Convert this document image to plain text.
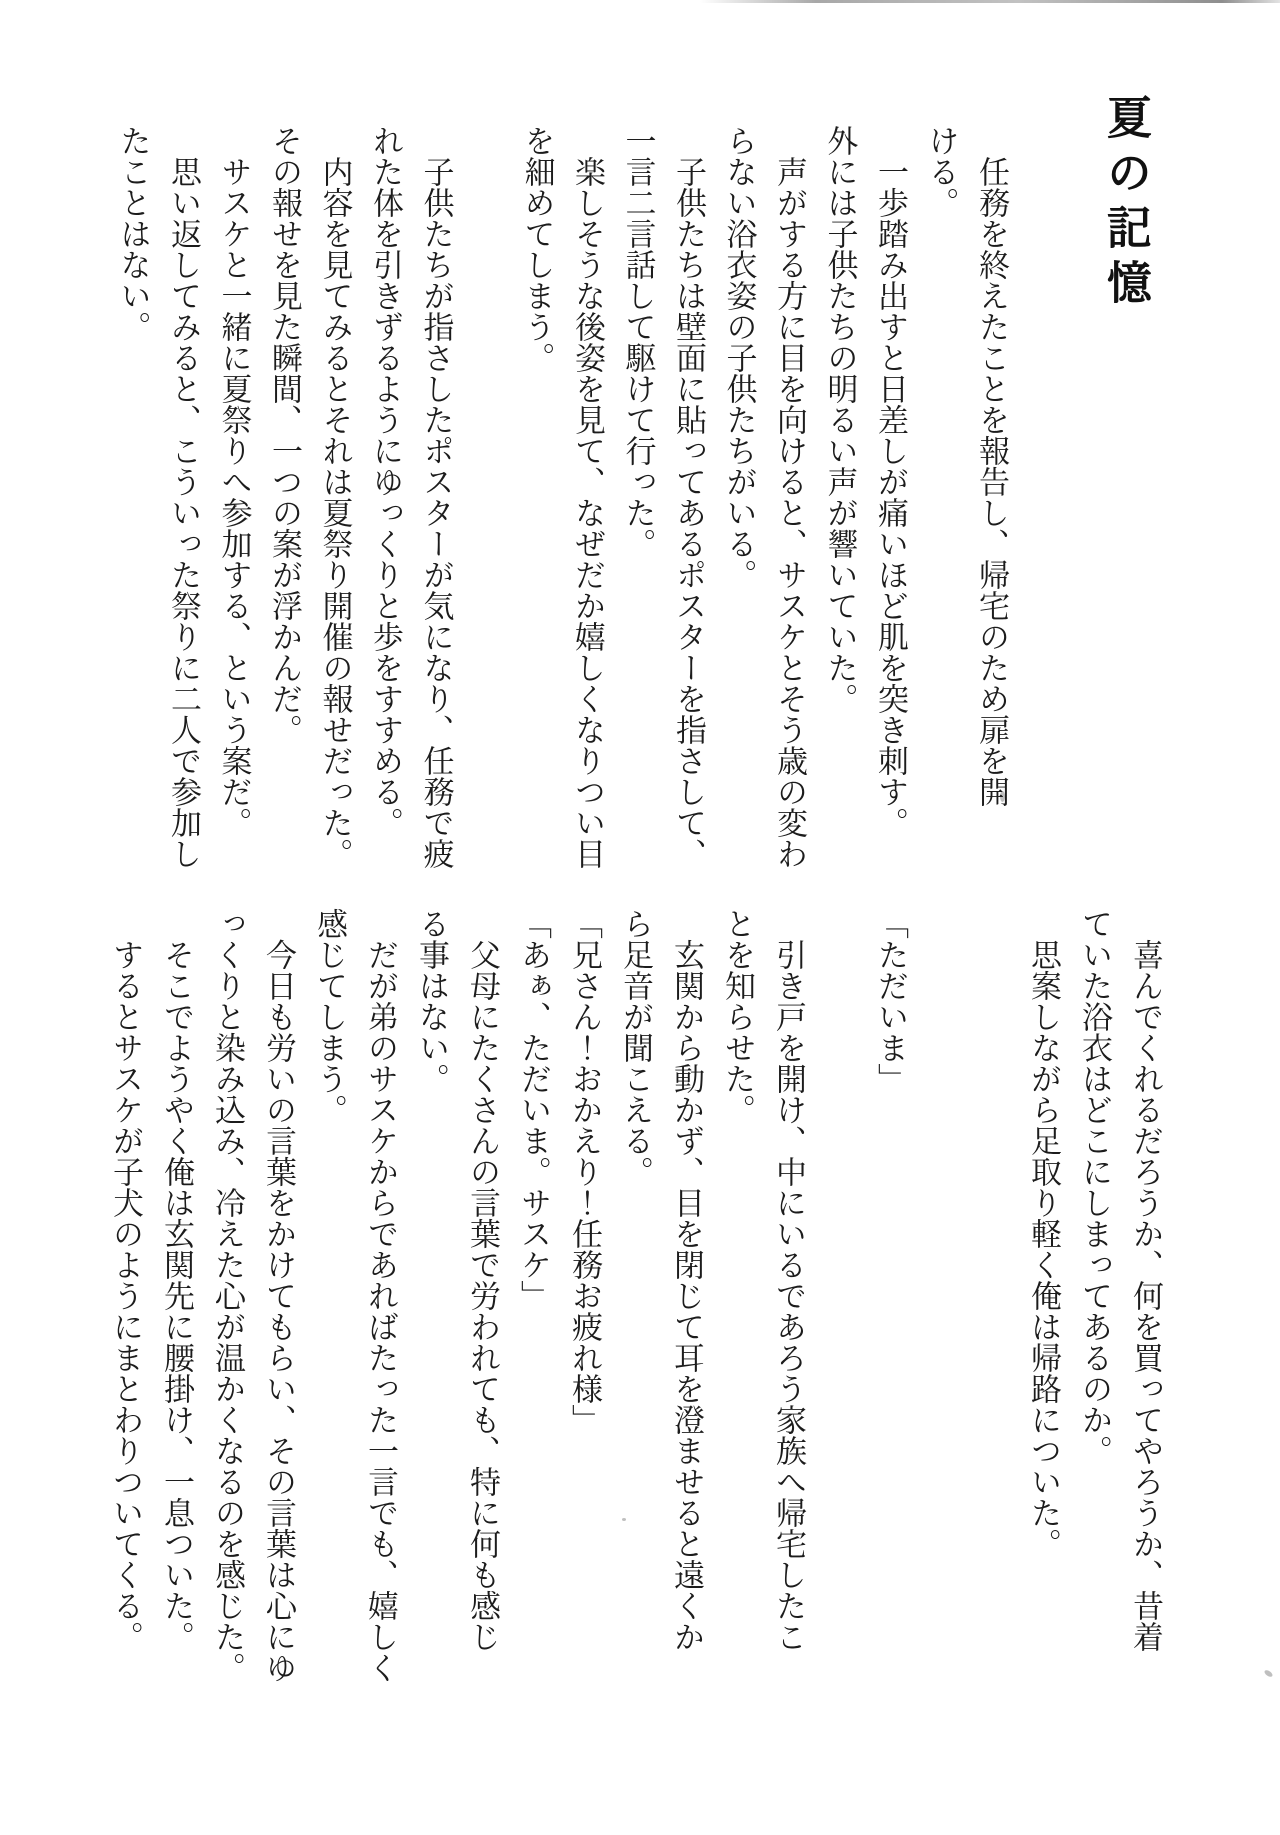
夏の記憶
任務を終えたことを報告し、帰宅のため扉を開
ける。
一歩踏み出すと日差しが痛いほど肌を突き刺す。
外には子供たちの明るい声が響いていた。
声がする方に目を向けると、サスケとそう歳の変わ
らない浴衣姿の子供たちがいる。
子供たちは壁面に貼ってあるポスターを指さして、
一言二言話して駆けて行った。
楽しそうな後姿を見て、なぜだか嬉しくなりつい目
を細めてしまう。
子供たちが指さしたポスターが気になり、任務で疲
れた体を引きずるようにゆっくりと歩をすすめる。
内容を見てみるとそれは夏祭り開催の報せだった。
その報せを見た瞬間、一つの案が浮かんだ。
サスケと一緒に夏祭りへ参加する、という案だ。
思い返してみると、こういった祭りに二人で参加し
たことはない。
喜んでくれるだろうか、何を買ってやろうか、昔着
ていた浴衣はどこにしまってあるのか。
思案しながら足取り軽く俺は帰路についた。
「ただいま」
引き戸を開け、中にいるであろう家族へ帰宅したこ
とを知らせた。
玄関から動かず、目を閉じて耳を澄ませると遠くか
ら足音が聞こえる。
「兄さん！おかえり！任務お疲れ様」
「あぁ、ただいま。サスケ」
父母にたくさんの言葉で労われても、特に何も感じ
る事はない。
だが弟のサスケからであればたった一言でも、嬉しく
感じてしまう。
今日も労いの言葉をかけてもらい、その言葉は心にゆ
っくりと染み込み、冷えた心が温かくなるのを感じた。
そこでようやく俺は玄関先に腰掛け、一息ついた。
するとサスケが子犬のようにまとわりついてくる。
